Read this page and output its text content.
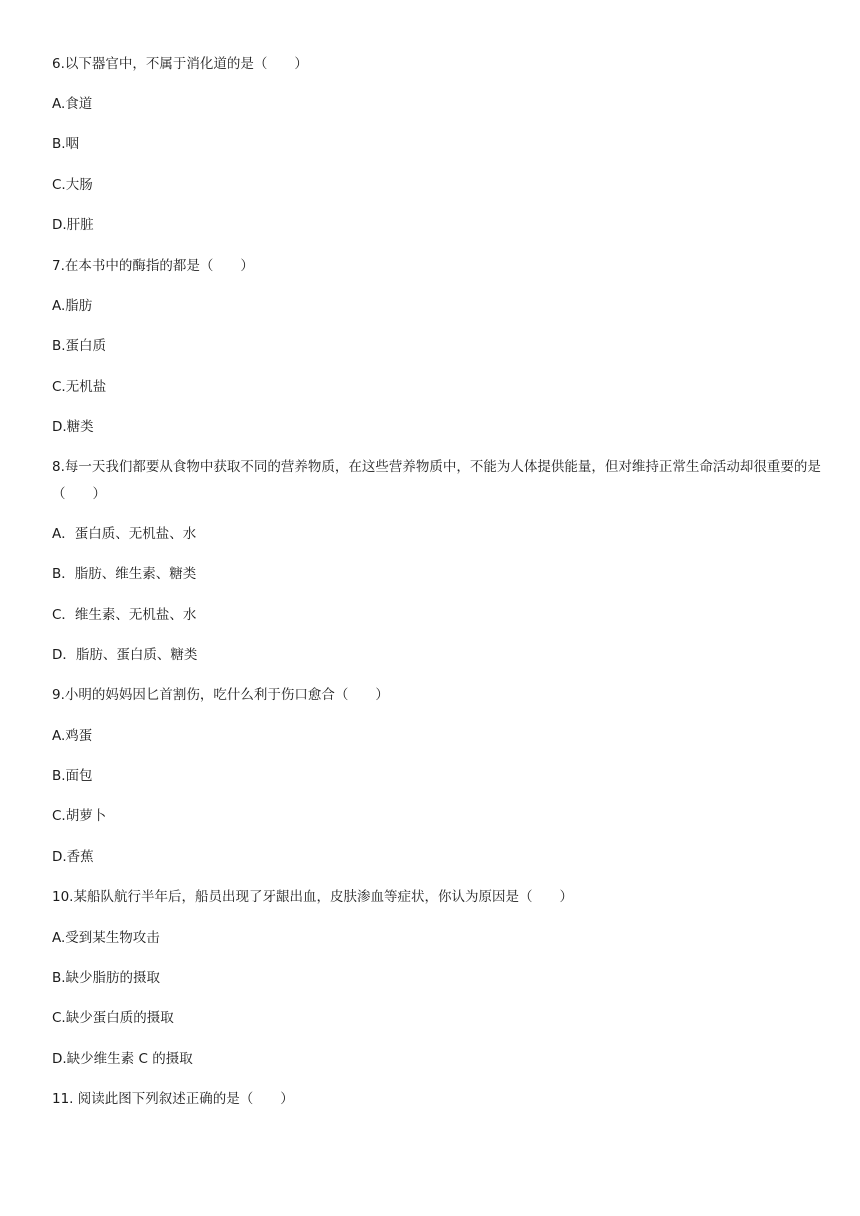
6.以下器官中，不属于消化道的是（　　）
A.食道
B.咽
C.大肠
D.肝脏
7.在本书中的酶指的都是（　　）
A.脂肪
B.蛋白质
C.无机盐
D.糖类
8.每一天我们都要从食物中获取不同的营养物质，在这些营养物质中，不能为人体提供能量，但对维持正常生命活动却很重要的是（　　）
A．蛋白质、无机盐、水
B．脂肪、维生素、糖类
C．维生素、无机盐、水
D．脂肪、蛋白质、糖类
9.小明的妈妈因匕首割伤，吃什么利于伤口愈合（　　）
A.鸡蛋
B.面包
C.胡萝卜
D.香蕉
10.某船队航行半年后，船员出现了牙龈出血，皮肤渗血等症状，你认为原因是（　　）
A.受到某生物攻击
B.缺少脂肪的摄取
C.缺少蛋白质的摄取
D.缺少维生素 C 的摄取
11. 阅读此图下列叙述正确的是（　　）
